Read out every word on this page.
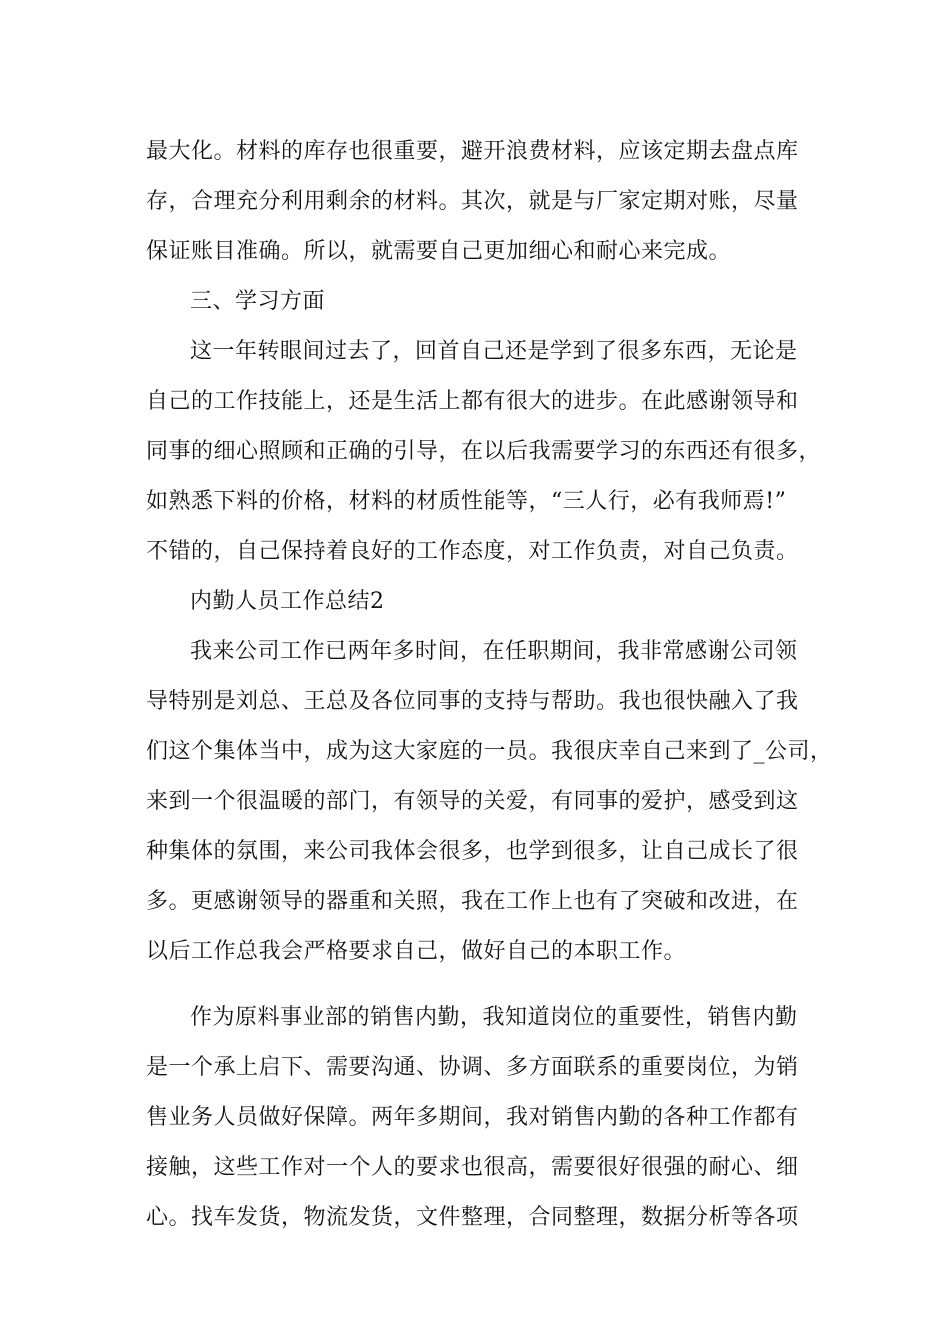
最大化。材料的库存也很重要，避开浪费材料，应该定期去盘点库
存，合理充分利用剩余的材料。其次，就是与厂家定期对账，尽量
保证账目准确。所以，就需要自己更加细心和耐心来完成。
三、学习方面
这一年转眼间过去了，回首自己还是学到了很多东西，无论是
自己的工作技能上，还是生活上都有很大的进步。在此感谢领导和
同事的细心照顾和正确的引导，在以后我需要学习的东西还有很多，
如熟悉下料的价格，材料的材质性能等，“三人行，必有我师焉!”
不错的，自己保持着良好的工作态度，对工作负责，对自己负责。
内勤人员工作总结2
我来公司工作已两年多时间，在任职期间，我非常感谢公司领
导特别是刘总、王总及各位同事的支持与帮助。我也很快融入了我
们这个集体当中，成为这大家庭的一员。我很庆幸自己来到了_公司，
来到一个很温暖的部门，有领导的关爱，有同事的爱护，感受到这
种集体的氛围，来公司我体会很多，也学到很多，让自己成长了很
多。更感谢领导的器重和关照，我在工作上也有了突破和改进，在
以后工作总我会严格要求自己，做好自己的本职工作。
作为原料事业部的销售内勤，我知道岗位的重要性，销售内勤
是一个承上启下、需要沟通、协调、多方面联系的重要岗位，为销
售业务人员做好保障。两年多期间，我对销售内勤的各种工作都有
接触，这些工作对一个人的要求也很高，需要很好很强的耐心、细
心。找车发货，物流发货，文件整理，合同整理，数据分析等各项
